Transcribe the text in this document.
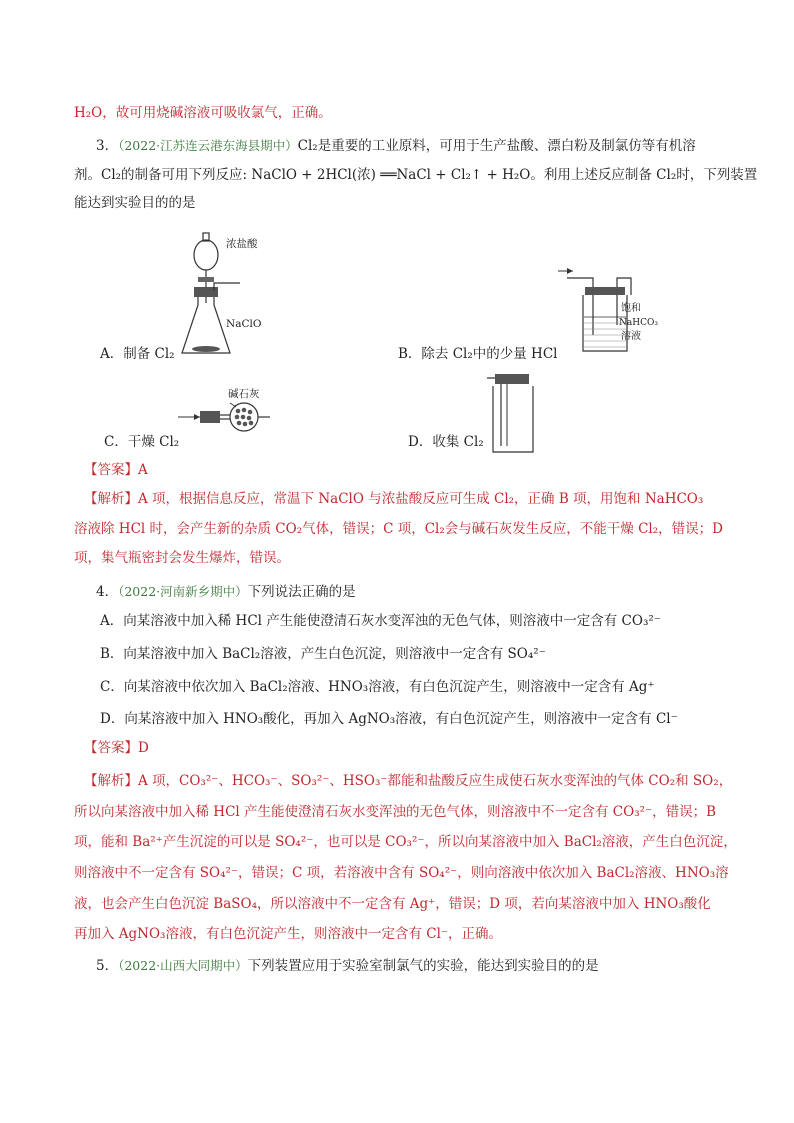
H₂O，故可用烧碱溶液可吸收氯气，正确。
3．（2022·江苏连云港东海县期中）Cl₂是重要的工业原料，可用于生产盐酸、漂白粉及制氯仿等有机溶
剂。Cl₂的制备可用下列反应: NaClO + 2HCl(浓) ══NaCl + Cl₂↑ + H₂O。利用上述反应制备 Cl₂时，下列装置
能达到实验目的的是
浓盐酸
NaClO
A．制备 Cl₂
饱和
NaHCO₃
溶液
B．除去 Cl₂中的少量 HCl
碱石灰
C．干燥 Cl₂	D．收集 Cl₂
【答案】A
【解析】A 项，根据信息反应，常温下 NaClO 与浓盐酸反应可生成 Cl₂，正确 B 项，用饱和 NaHCO₃
溶液除 HCl 时，会产生新的杂质 CO₂气体，错误；C 项，Cl₂会与碱石灰发生反应，不能干燥 Cl₂，错误；D
项，集气瓶密封会发生爆炸，错误。
4．（2022·河南新乡期中）下列说法正确的是
A．向某溶液中加入稀 HCl 产生能使澄清石灰水变浑浊的无色气体，则溶液中一定含有 CO₃²⁻
B．向某溶液中加入 BaCl₂溶液，产生白色沉淀，则溶液中一定含有 SO₄²⁻
C．向某溶液中依次加入 BaCl₂溶液、HNO₃溶液，有白色沉淀产生，则溶液中一定含有 Ag⁺
D．向某溶液中加入 HNO₃酸化，再加入 AgNO₃溶液，有白色沉淀产生，则溶液中一定含有 Cl⁻
【答案】D
【解析】A 项，CO₃²⁻、HCO₃⁻、SO₃²⁻、HSO₃⁻都能和盐酸反应生成使石灰水变浑浊的气体 CO₂和 SO₂，
所以向某溶液中加入稀 HCl 产生能使澄清石灰水变浑浊的无色气体，则溶液中不一定含有 CO₃²⁻，错误；B
项，能和 Ba²⁺产生沉淀的可以是 SO₄²⁻，也可以是 CO₃²⁻，所以向某溶液中加入 BaCl₂溶液，产生白色沉淀，
则溶液中不一定含有 SO₄²⁻，错误；C 项，若溶液中含有 SO₄²⁻，则向溶液中依次加入 BaCl₂溶液、HNO₃溶
液，也会产生白色沉淀 BaSO₄，所以溶液中不一定含有 Ag⁺，错误；D 项，若向某溶液中加入 HNO₃酸化
再加入 AgNO₃溶液，有白色沉淀产生，则溶液中一定含有 Cl⁻，正确。
5．（2022·山西大同期中）下列装置应用于实验室制氯气的实验，能达到实验目的的是
